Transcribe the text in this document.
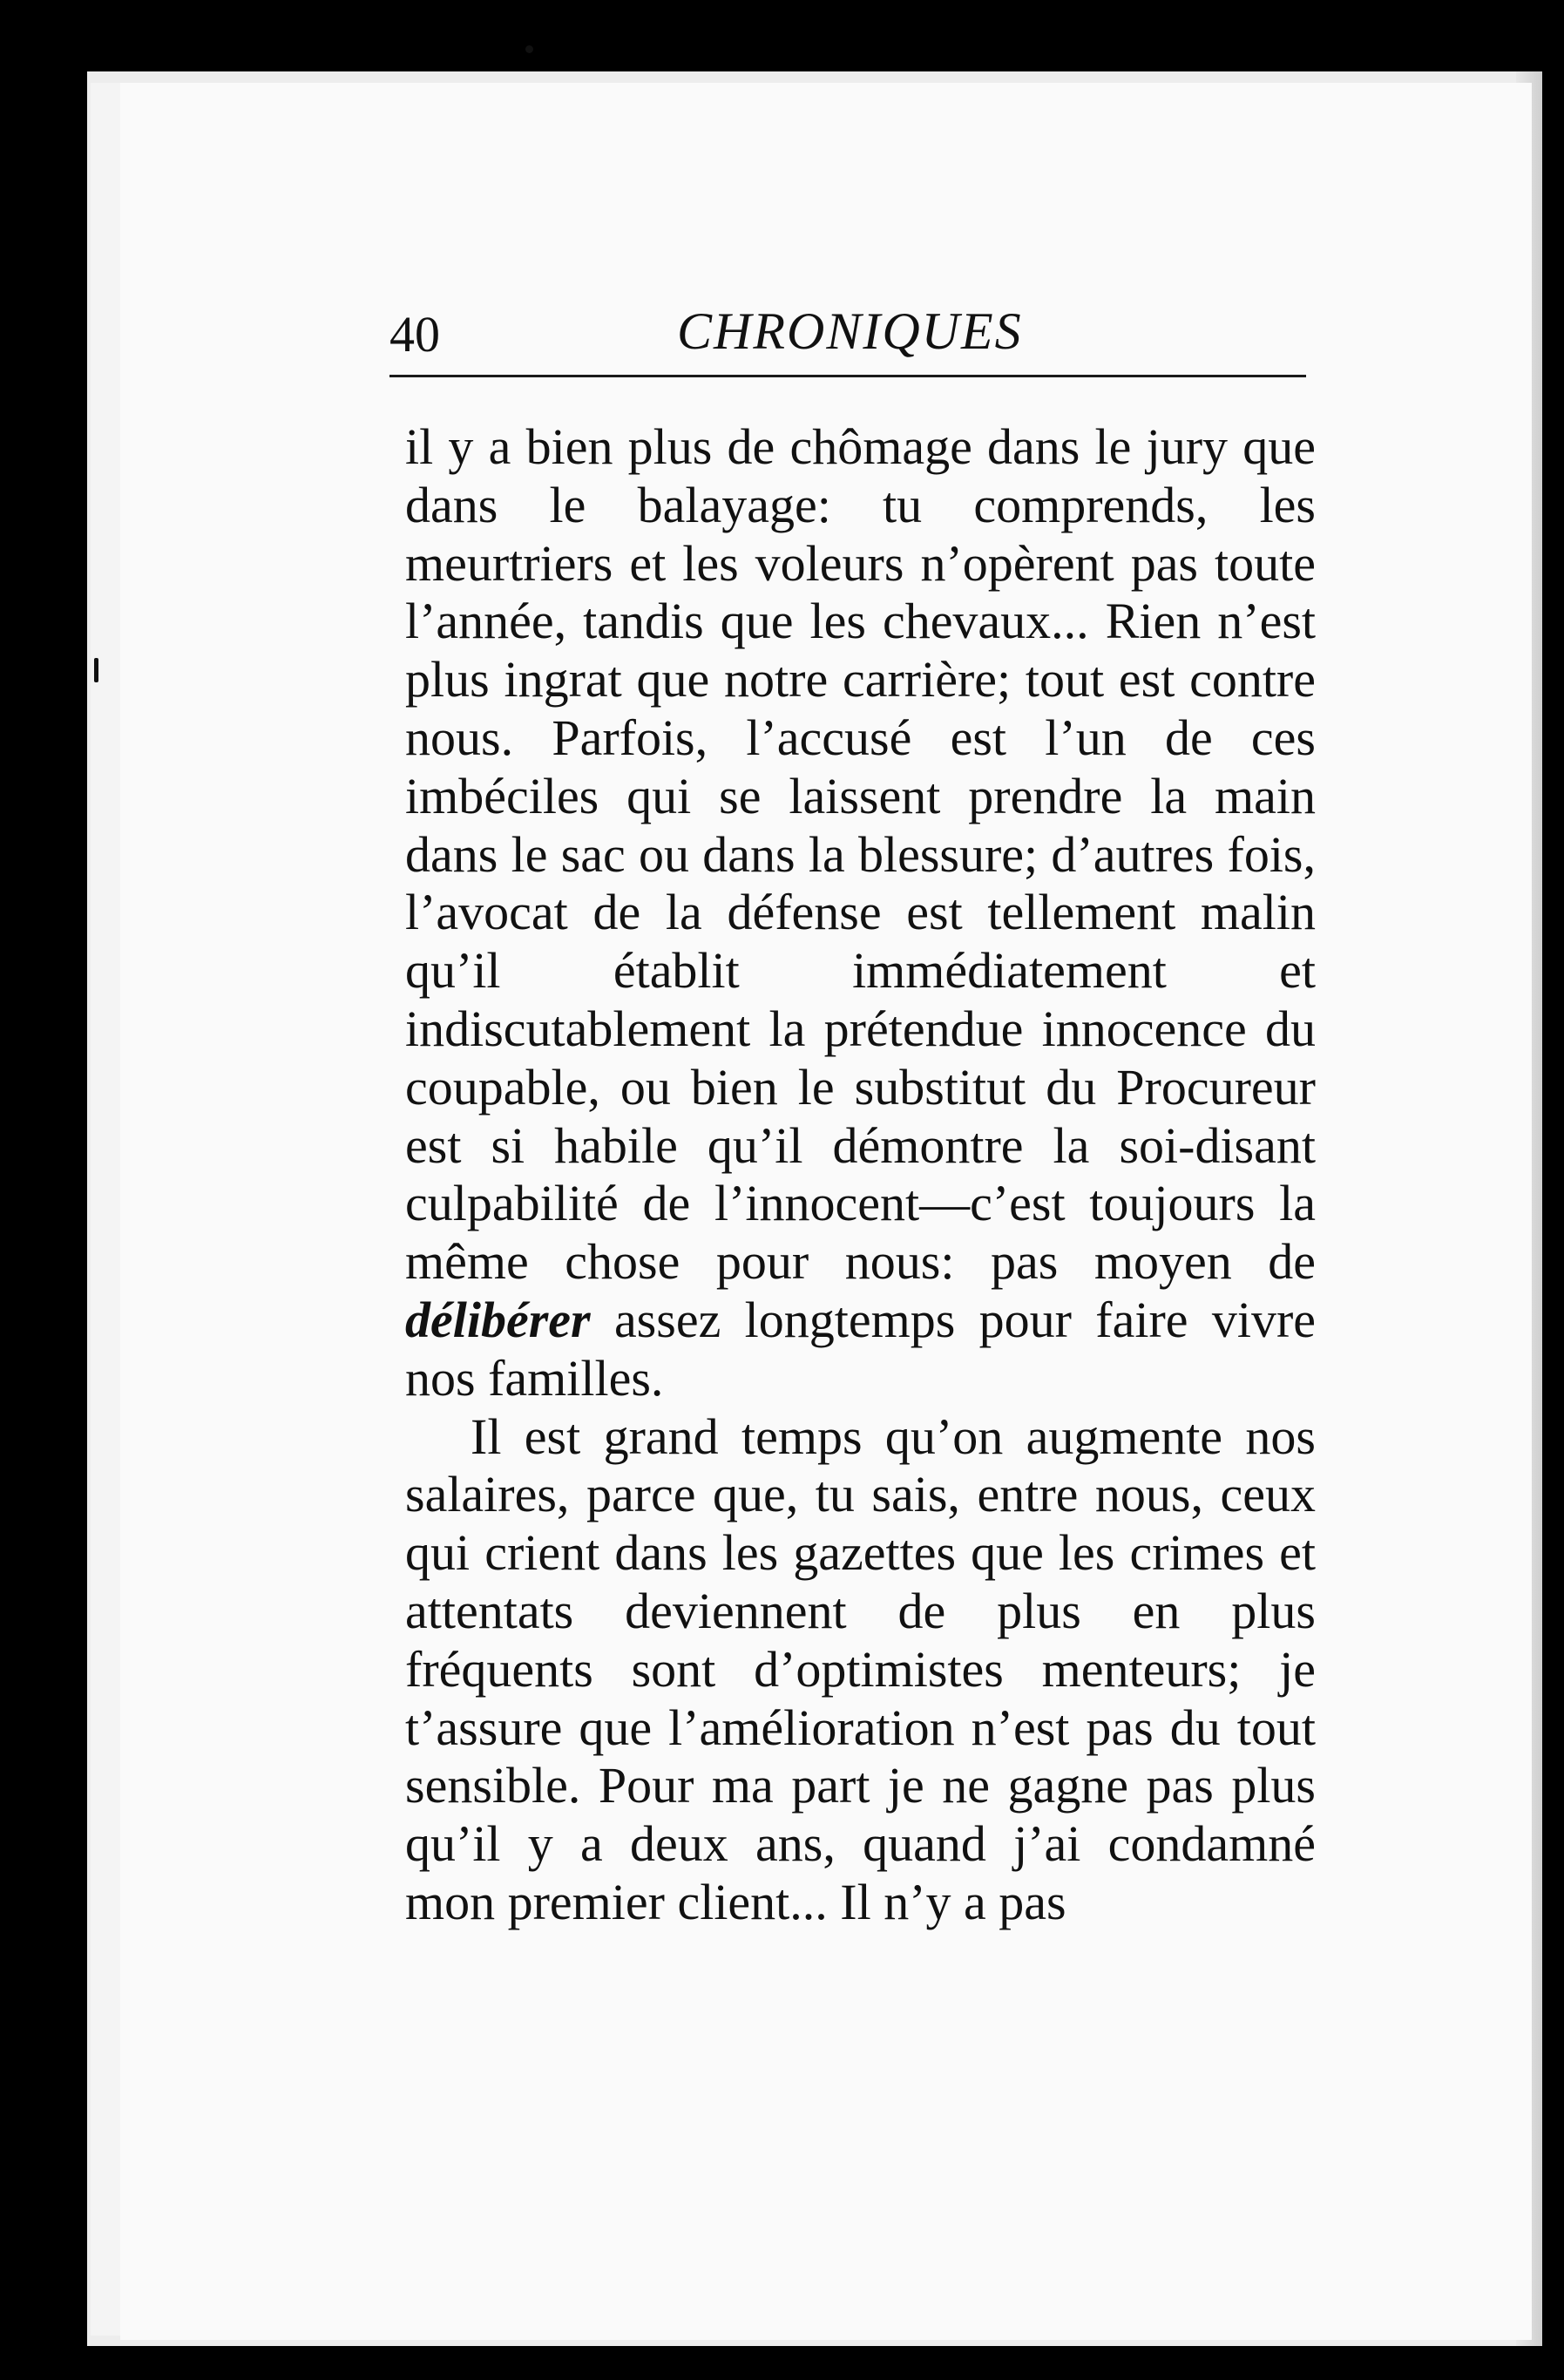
40	CHRONIQUES

il y a bien plus de chômage dans le jury que dans le balayage: tu comprends, les meurtriers et les voleurs n’opèrent pas toute l’année, tandis que les chevaux... Rien n’est plus ingrat que notre carrière; tout est contre nous. Parfois, l’accusé est l’un de ces imbéciles qui se laissent prendre la main dans le sac ou dans la blessure; d’autres fois, l’avocat de la défense est tellement malin qu’il établit immédiatement et indiscutablement la prétendue innocence du coupable, ou bien le substitut du Procureur est si habile qu’il démontre la soi-disant culpabilité de l’innocent—c’est toujours la même chose pour nous: pas moyen de délibérer assez longtemps pour faire vivre nos familles.

Il est grand temps qu’on augmente nos salaires, parce que, tu sais, entre nous, ceux qui crient dans les gazettes que les crimes et attentats deviennent de plus en plus fréquents sont d’optimistes menteurs; je t’assure que l’amélioration n’est pas du tout sensible. Pour ma part je ne gagne pas plus qu’il y a deux ans, quand j’ai condamné mon premier client... Il n’y a pas
